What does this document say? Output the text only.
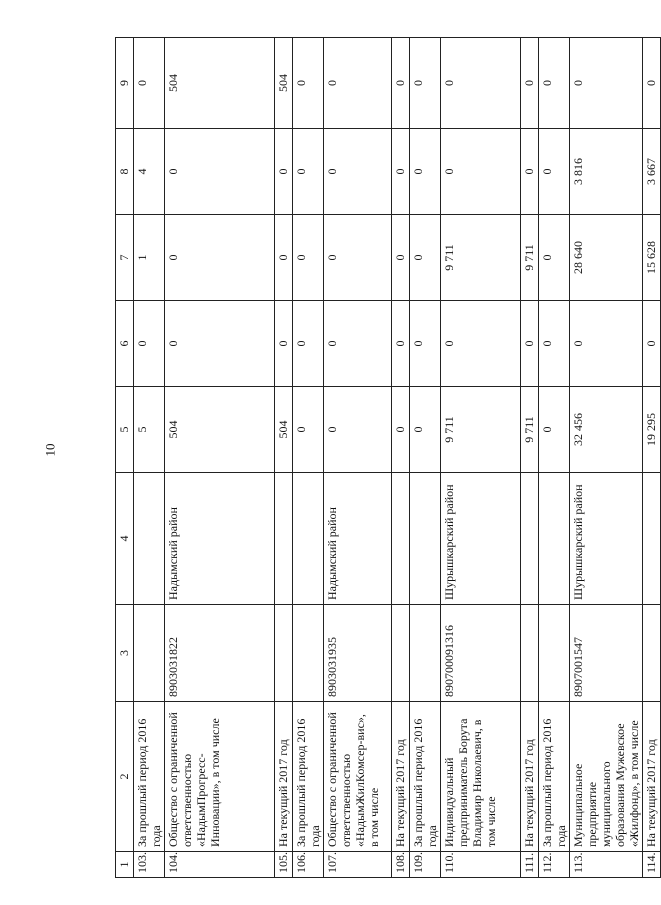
10
1	2	3	4	5	6	7	8	9
103.	За прошлый период 2016 года			5	0	1	4	0
104.	Общество с ограниченной ответственностью «НадымПрогресс-Инновации», в том числе	8903031822	Надымский район	504	0	0	0	504
105.	На текущий 2017 год			504	0	0	0	504
106.	За прошлый период 2016 года			0	0	0	0	0
107.	Общество с ограниченной ответственностью «НадымЖилКомсер-вис», в том числе	8903031935	Надымский район	0	0	0	0	0
108.	На текущий 2017 год			0	0	0	0	0
109.	За прошлый период 2016 года			0	0	0	0	0
110.	Индивидуальный предприниматель Борута Владимир Николаевич, в том числе	890700091316	Шурышкарский район	9 711	0	9 711	0	0
111.	На текущий 2017 год			9 711	0	9 711	0	0
112.	За прошлый период 2016 года			0	0	0	0	0
113.	Муниципальное предприятие муниципального образования Мужевское «Жилфонд», в том числе	8907001547	Шурышкарский район	32 456	0	28 640	3 816	0
114.	На текущий 2017 год			19 295	0	15 628	3 667	0
